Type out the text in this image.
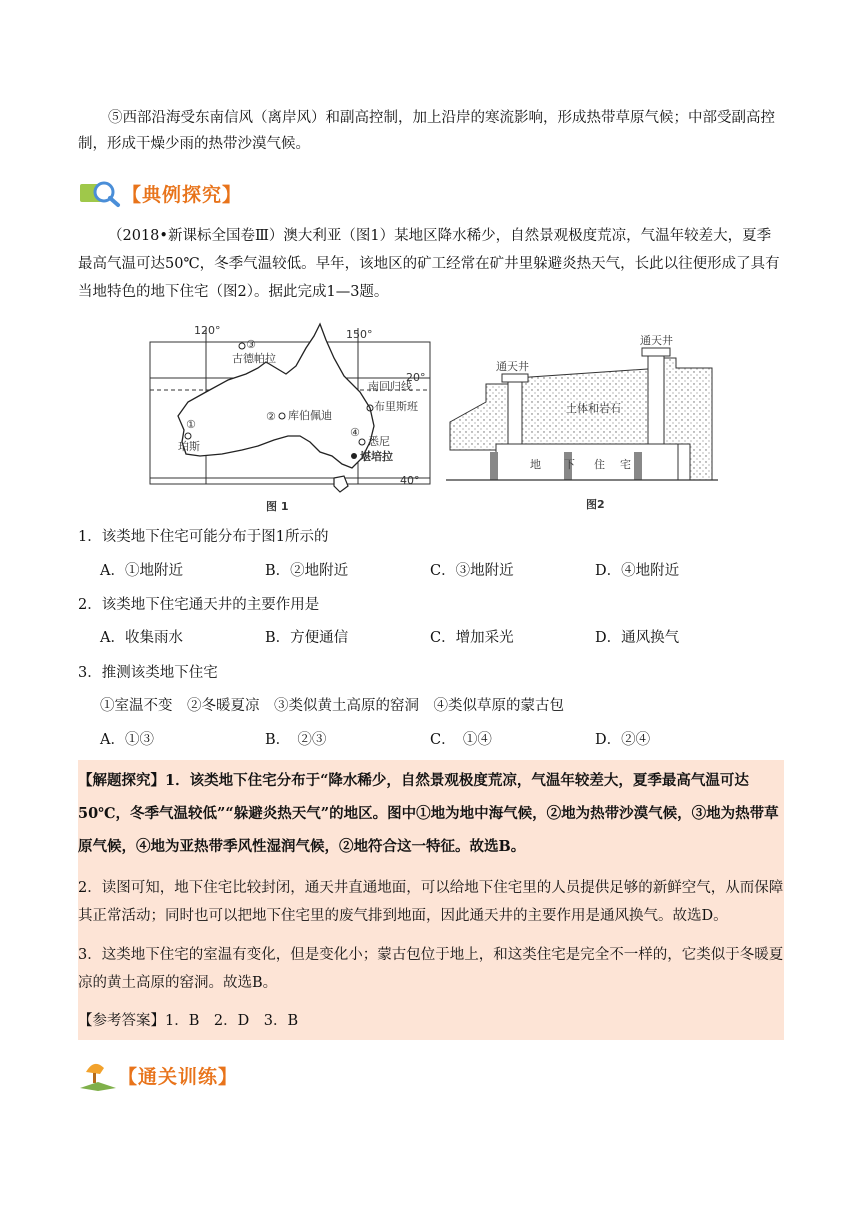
⑤西部沿海受东南信风（离岸风）和副高控制，加上沿岸的寒流影响，形成热带草原气候；中部受副高控制，形成干燥少雨的热带沙漠气候。
【典例探究】
（2018•新课标全国卷Ⅲ）澳大利亚（图1）某地区降水稀少，自然景观极度荒凉，气温年较差大，夏季最高气温可达50℃，冬季气温较低。早年，该地区的矿工经常在矿井里躲避炎热天气，长此以往便形成了具有当地特色的地下住宅（图2）。据此完成1—3题。
120°	150°
20°
40°
南回归线
①
珀斯
② 库伯佩迪
③
古德帕拉
布里斯班
④
悉尼
堪培拉
图 1
通天井
通天井
土体和岩石
地 下 住 宅
图2
1．该类地下住宅可能分布于图1所示的
A．①地附近	B．②地附近	C．③地附近	D．④地附近
2．该类地下住宅通天井的主要作用是
A．收集雨水	B．方便通信	C．增加采光	D．通风换气
3．推测该类地下住宅
①室温不变　②冬暖夏凉　③类似黄土高原的窑洞　④类似草原的蒙古包
A．①③	B．　②③	C．　①④	D．②④
【解题探究】1．该类地下住宅分布于“降水稀少，自然景观极度荒凉，气温年较差大，夏季最高气温可达50℃，冬季气温较低”“躲避炎热天气”的地区。图中①地为地中海气候，②地为热带沙漠气候，③地为热带草原气候，④地为亚热带季风性湿润气候，②地符合这一特征。故选B。
2．读图可知，地下住宅比较封闭，通天井直通地面，可以给地下住宅里的人员提供足够的新鲜空气，从而保障其正常活动；同时也可以把地下住宅里的废气排到地面，因此通天井的主要作用是通风换气。故选D。
3．这类地下住宅的室温有变化，但是变化小；蒙古包位于地上，和这类住宅是完全不一样的，它类似于冬暖夏凉的黄土高原的窑洞。故选B。
【参考答案】1．B　2．D　3．B
【通关训练】
